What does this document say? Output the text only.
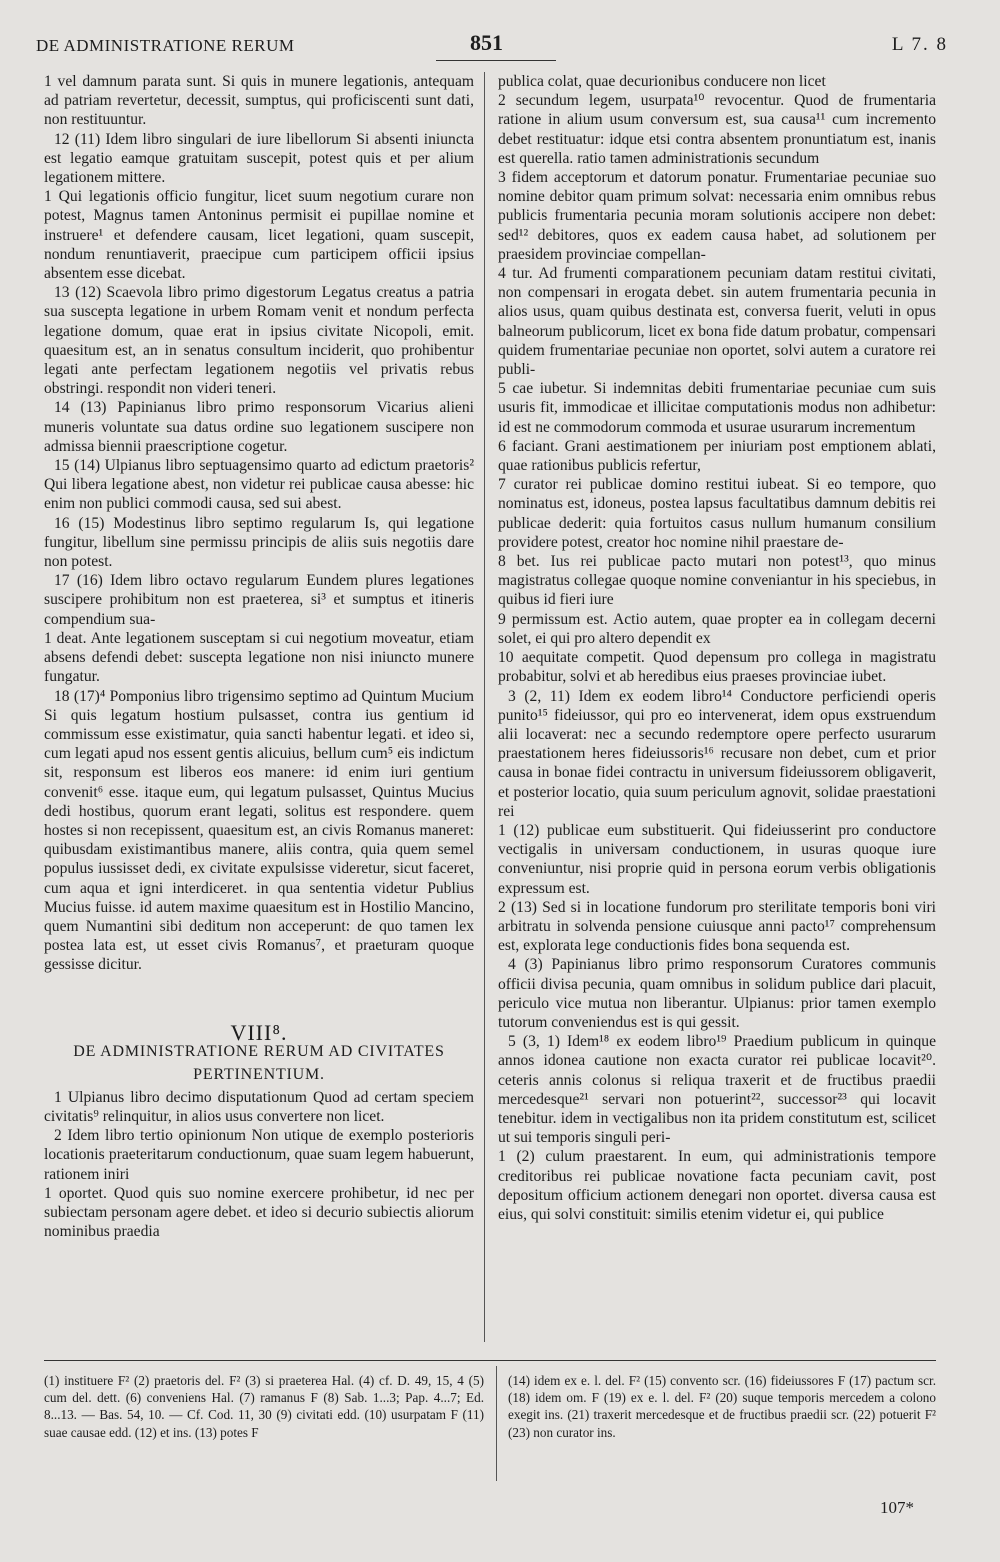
DE ADMINISTRATIONE RERUM	851	L 7. 8

1 vel damnum parata sunt. Si quis in munere legationis, antequam ad patriam revertetur, decessit, sumptus, qui proficiscenti sunt dati, non restituuntur.

12 (11) Idem libro singulari de iure libellorum Si absenti iniuncta est legatio eamque gratuitam suscepit, potest quis et per alium legationem mittere.

1 Qui legationis officio fungitur, licet suum negotium curare non potest, Magnus tamen Antoninus permisit ei pupillae nomine et instruere¹ et defendere causam, licet legationi, quam suscepit, nondum renuntiaverit, praecipue cum participem officii ipsius absentem esse dicebat.

13 (12) Scaevola libro primo digestorum Legatus creatus a patria sua suscepta legatione in urbem Romam venit et nondum perfecta legatione domum, quae erat in ipsius civitate Nicopoli, emit. quaesitum est, an in senatus consultum inciderit, quo prohibentur legati ante perfectam legationem negotiis vel privatis rebus obstringi. respondit non videri teneri.

14 (13) Papinianus libro primo responsorum Vicarius alieni muneris voluntate sua datus ordine suo legationem suscipere non admissa biennii praescriptione cogetur.

15 (14) Ulpianus libro septuagensimo quarto ad edictum praetoris² Qui libera legatione abest, non videtur rei publicae causa abesse: hic enim non publici commodi causa, sed sui abest.

16 (15) Modestinus libro septimo regularum Is, qui legatione fungitur, libellum sine permissu principis de aliis suis negotiis dare non potest.

17 (16) Idem libro octavo regularum Eundem plures legationes suscipere prohibitum non est praeterea, si³ et sumptus et itineris compendium sua-

1 deat. Ante legationem susceptam si cui negotium moveatur, etiam absens defendi debet: suscepta legatione non nisi iniuncto munere fungatur.

18 (17)⁴ Pomponius libro trigensimo septimo ad Quintum Mucium Si quis legatum hostium pulsasset, contra ius gentium id commissum esse existimatur, quia sancti habentur legati. et ideo si, cum legati apud nos essent gentis alicuius, bellum cum⁵ eis indictum sit, responsum est liberos eos manere: id enim iuri gentium convenit⁶ esse. itaque eum, qui legatum pulsasset, Quintus Mucius dedi hostibus, quorum erant legati, solitus est respondere. quem hostes si non recepissent, quaesitum est, an civis Romanus maneret: quibusdam existimantibus manere, aliis contra, quia quem semel populus iussisset dedi, ex civitate expulsisse videretur, sicut faceret, cum aqua et igni interdiceret. in qua sententia videtur Publius Mucius fuisse. id autem maxime quaesitum est in Hostilio Mancino, quem Numantini sibi deditum non acceperunt: de quo tamen lex postea lata est, ut esset civis Romanus⁷, et praeturam quoque gessisse dicitur.

VIII⁸.
DE ADMINISTRATIONE RERUM AD CIVITATES
PERTINENTIUM.

1 Ulpianus libro decimo disputationum Quod ad certam speciem civitatis⁹ relinquitur, in alios usus convertere non licet.

2 Idem libro tertio opinionum Non utique de exemplo posterioris locationis praeteritarum conductionum, quae suam legem habuerunt, rationem iniri

1 oportet. Quod quis suo nomine exercere prohibetur, id nec per subiectam personam agere debet. et ideo si decurio subiectis aliorum nominibus praedia

publica colat, quae decurionibus conducere non licet

2 secundum legem, usurpata¹⁰ revocentur. Quod de frumentaria ratione in alium usum conversum est, sua causa¹¹ cum incremento debet restituatur: idque etsi contra absentem pronuntiatum est, inanis est querella. ratio tamen administrationis secundum

3 fidem acceptorum et datorum ponatur. Frumentariae pecuniae suo nomine debitor quam primum solvat: necessaria enim omnibus rebus publicis frumentaria pecunia moram solutionis accipere non debet: sed¹² debitores, quos ex eadem causa habet, ad solutionem per praesidem provinciae compellan-

4 tur. Ad frumenti comparationem pecuniam datam restitui civitati, non compensari in erogata debet. sin autem frumentaria pecunia in alios usus, quam quibus destinata est, conversa fuerit, veluti in opus balneorum publicorum, licet ex bona fide datum probatur, compensari quidem frumentariae pecuniae non oportet, solvi autem a curatore rei publi-

5 cae iubetur. Si indemnitas debiti frumentariae pecuniae cum suis usuris fit, immodicae et illicitae computationis modus non adhibetur: id est ne commodorum commoda et usurae usurarum incrementum

6 faciant. Grani aestimationem per iniuriam post emptionem ablati, quae rationibus publicis refertur,

7 curator rei publicae domino restitui iubeat. Si eo tempore, quo nominatus est, idoneus, postea lapsus facultatibus damnum debitis rei publicae dederit: quia fortuitos casus nullum humanum consilium providere potest, creator hoc nomine nihil praestare de-

8 bet. Ius rei publicae pacto mutari non potest¹³, quo minus magistratus collegae quoque nomine conveniantur in his speciebus, in quibus id fieri iure

9 permissum est. Actio autem, quae propter ea in collegam decerni solet, ei qui pro altero dependit ex

10 aequitate competit. Quod depensum pro collega in magistratu probabitur, solvi et ab heredibus eius praeses provinciae iubet.

3 (2, 11) Idem ex eodem libro¹⁴ Conductore perficiendi operis punito¹⁵ fideiussor, qui pro eo intervenerat, idem opus exstruendum alii locaverat: nec a secundo redemptore opere perfecto usurarum praestationem heres fideiussoris¹⁶ recusare non debet, cum et prior causa in bonae fidei contractu in universum fideiussorem obligaverit, et posterior locatio, quia suum periculum agnovit, solidae praestationi rei

1 (12) publicae eum substituerit. Qui fideiusserint pro conductore vectigalis in universam conductionem, in usuras quoque iure conveniuntur, nisi proprie quid in persona eorum verbis obligationis expressum est.

2 (13) Sed si in locatione fundorum pro sterilitate temporis boni viri arbitratu in solvenda pensione cuiusque anni pacto¹⁷ comprehensum est, explorata lege conductionis fides bona sequenda est.

4 (3) Papinianus libro primo responsorum Curatores communis officii divisa pecunia, quam omnibus in solidum publice dari placuit, periculo vice mutua non liberantur. Ulpianus: prior tamen exemplo tutorum conveniendus est is qui gessit.

5 (3, 1) Idem¹⁸ ex eodem libro¹⁹ Praedium publicum in quinque annos idonea cautione non exacta curator rei publicae locavit²⁰. ceteris annis colonus si reliqua traxerit et de fructibus praedii mercedesque²¹ servari non potuerint²², successor²³ qui locavit tenebitur. idem in vectigalibus non ita pridem constitutum est, scilicet ut sui temporis singuli peri-

1 (2) culum praestarent. In eum, qui administrationis tempore creditoribus rei publicae novatione facta pecuniam cavit, post depositum officium actionem denegari non oportet. diversa causa est eius, qui solvi constituit: similis etenim videtur ei, qui publice

(1) instituere F² (2) praetoris del. F² (3) si praeterea Hal. (4) cf. D. 49, 15, 4 (5) cum del. dett. (6) conveniens Hal. (7) ramanus F (8) Sab. 1...3; Pap. 4...7; Ed. 8...13. — Bas. 54, 10. — Cf. Cod. 11, 30 (9) civitati edd. (10) usurpatam F (11) suae causae edd. (12) et ins. (13) potes F
(14) idem ex e. l. del. F² (15) convento scr. (16) fideiussores F (17) pactum scr. (18) idem om. F (19) ex e. l. del. F² (20) suque temporis mercedem a colono exegit ins. (21) traxerit mercedesque et de fructibus praedii scr. (22) potuerit F² (23) non curator ins.
107*
